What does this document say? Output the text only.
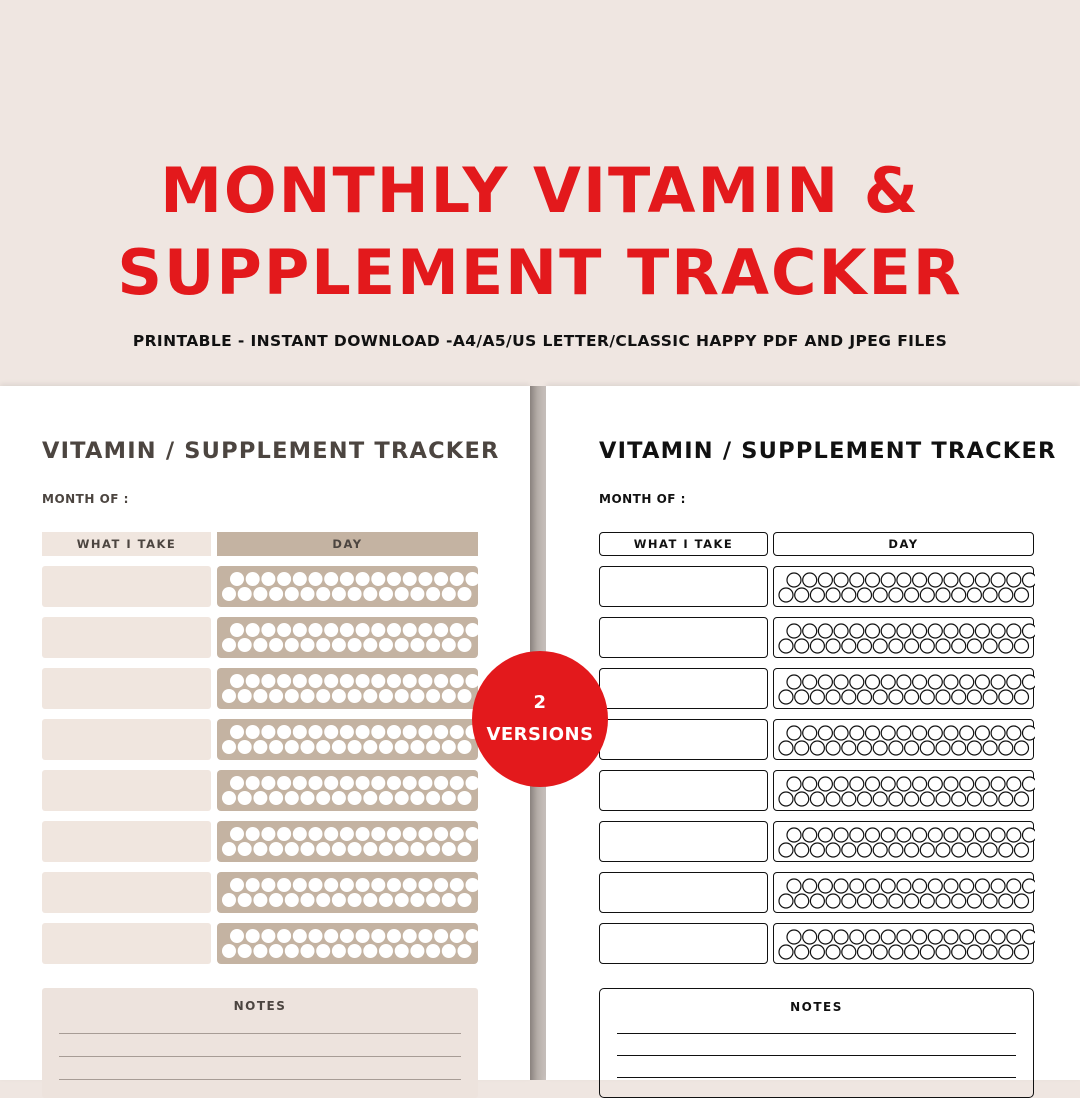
MONTHLY VITAMIN &
SUPPLEMENT TRACKER
PRINTABLE - INSTANT DOWNLOAD -A4/A5/US LETTER/CLASSIC HAPPY PDF AND JPEG FILES
VITAMIN / SUPPLEMENT TRACKER
MONTH OF :
WHAT I TAKE	DAY
NOTES
VITAMIN / SUPPLEMENT TRACKER
MONTH OF :
WHAT I TAKE	DAY
NOTES
2
VERSIONS
